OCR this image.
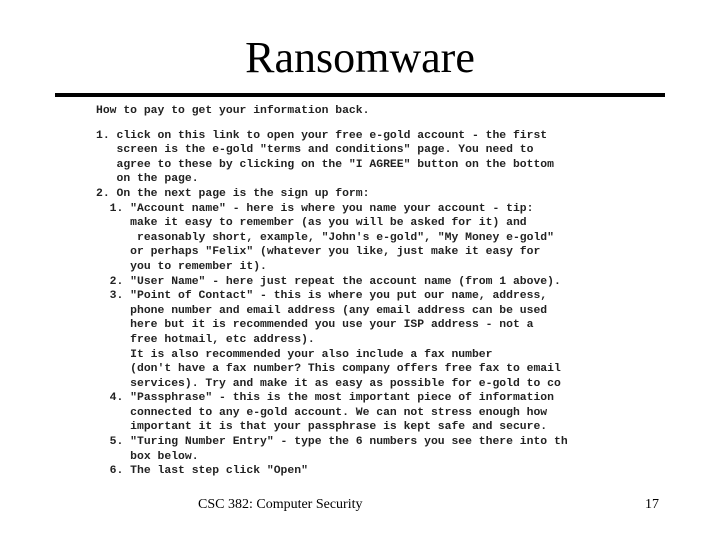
Ransomware
How to pay to get your information back.
1. click on this link to open your free e-gold account - the first
screen is the e-gold "terms and conditions" page. You need to
agree to these by clicking on the "I AGREE" button on the bottom
on the page.
2. On the next page is the sign up form:
1. "Account name" - here is where you name your account - tip:
make it easy to remember (as you will be asked for it) and
reasonably short, example, "John's e-gold", "My Money e-gold"
or perhaps "Felix" (whatever you like, just make it easy for
you to remember it).
2. "User Name" - here just repeat the account name (from 1 above).
3. "Point of Contact" - this is where you put our name, address,
phone number and email address (any email address can be used
here but it is recommended you use your ISP address - not a
free hotmail, etc address).
It is also recommended your also include a fax number
(don't have a fax number? This company offers free fax to email
services). Try and make it as easy as possible for e-gold to co
4. "Passphrase" - this is the most important piece of information
connected to any e-gold account. We can not stress enough how
important it is that your passphrase is kept safe and secure.
5. "Turing Number Entry" - type the 6 numbers you see there into th
box below.
6. The last step click "Open"
CSC 382: Computer Security	17
